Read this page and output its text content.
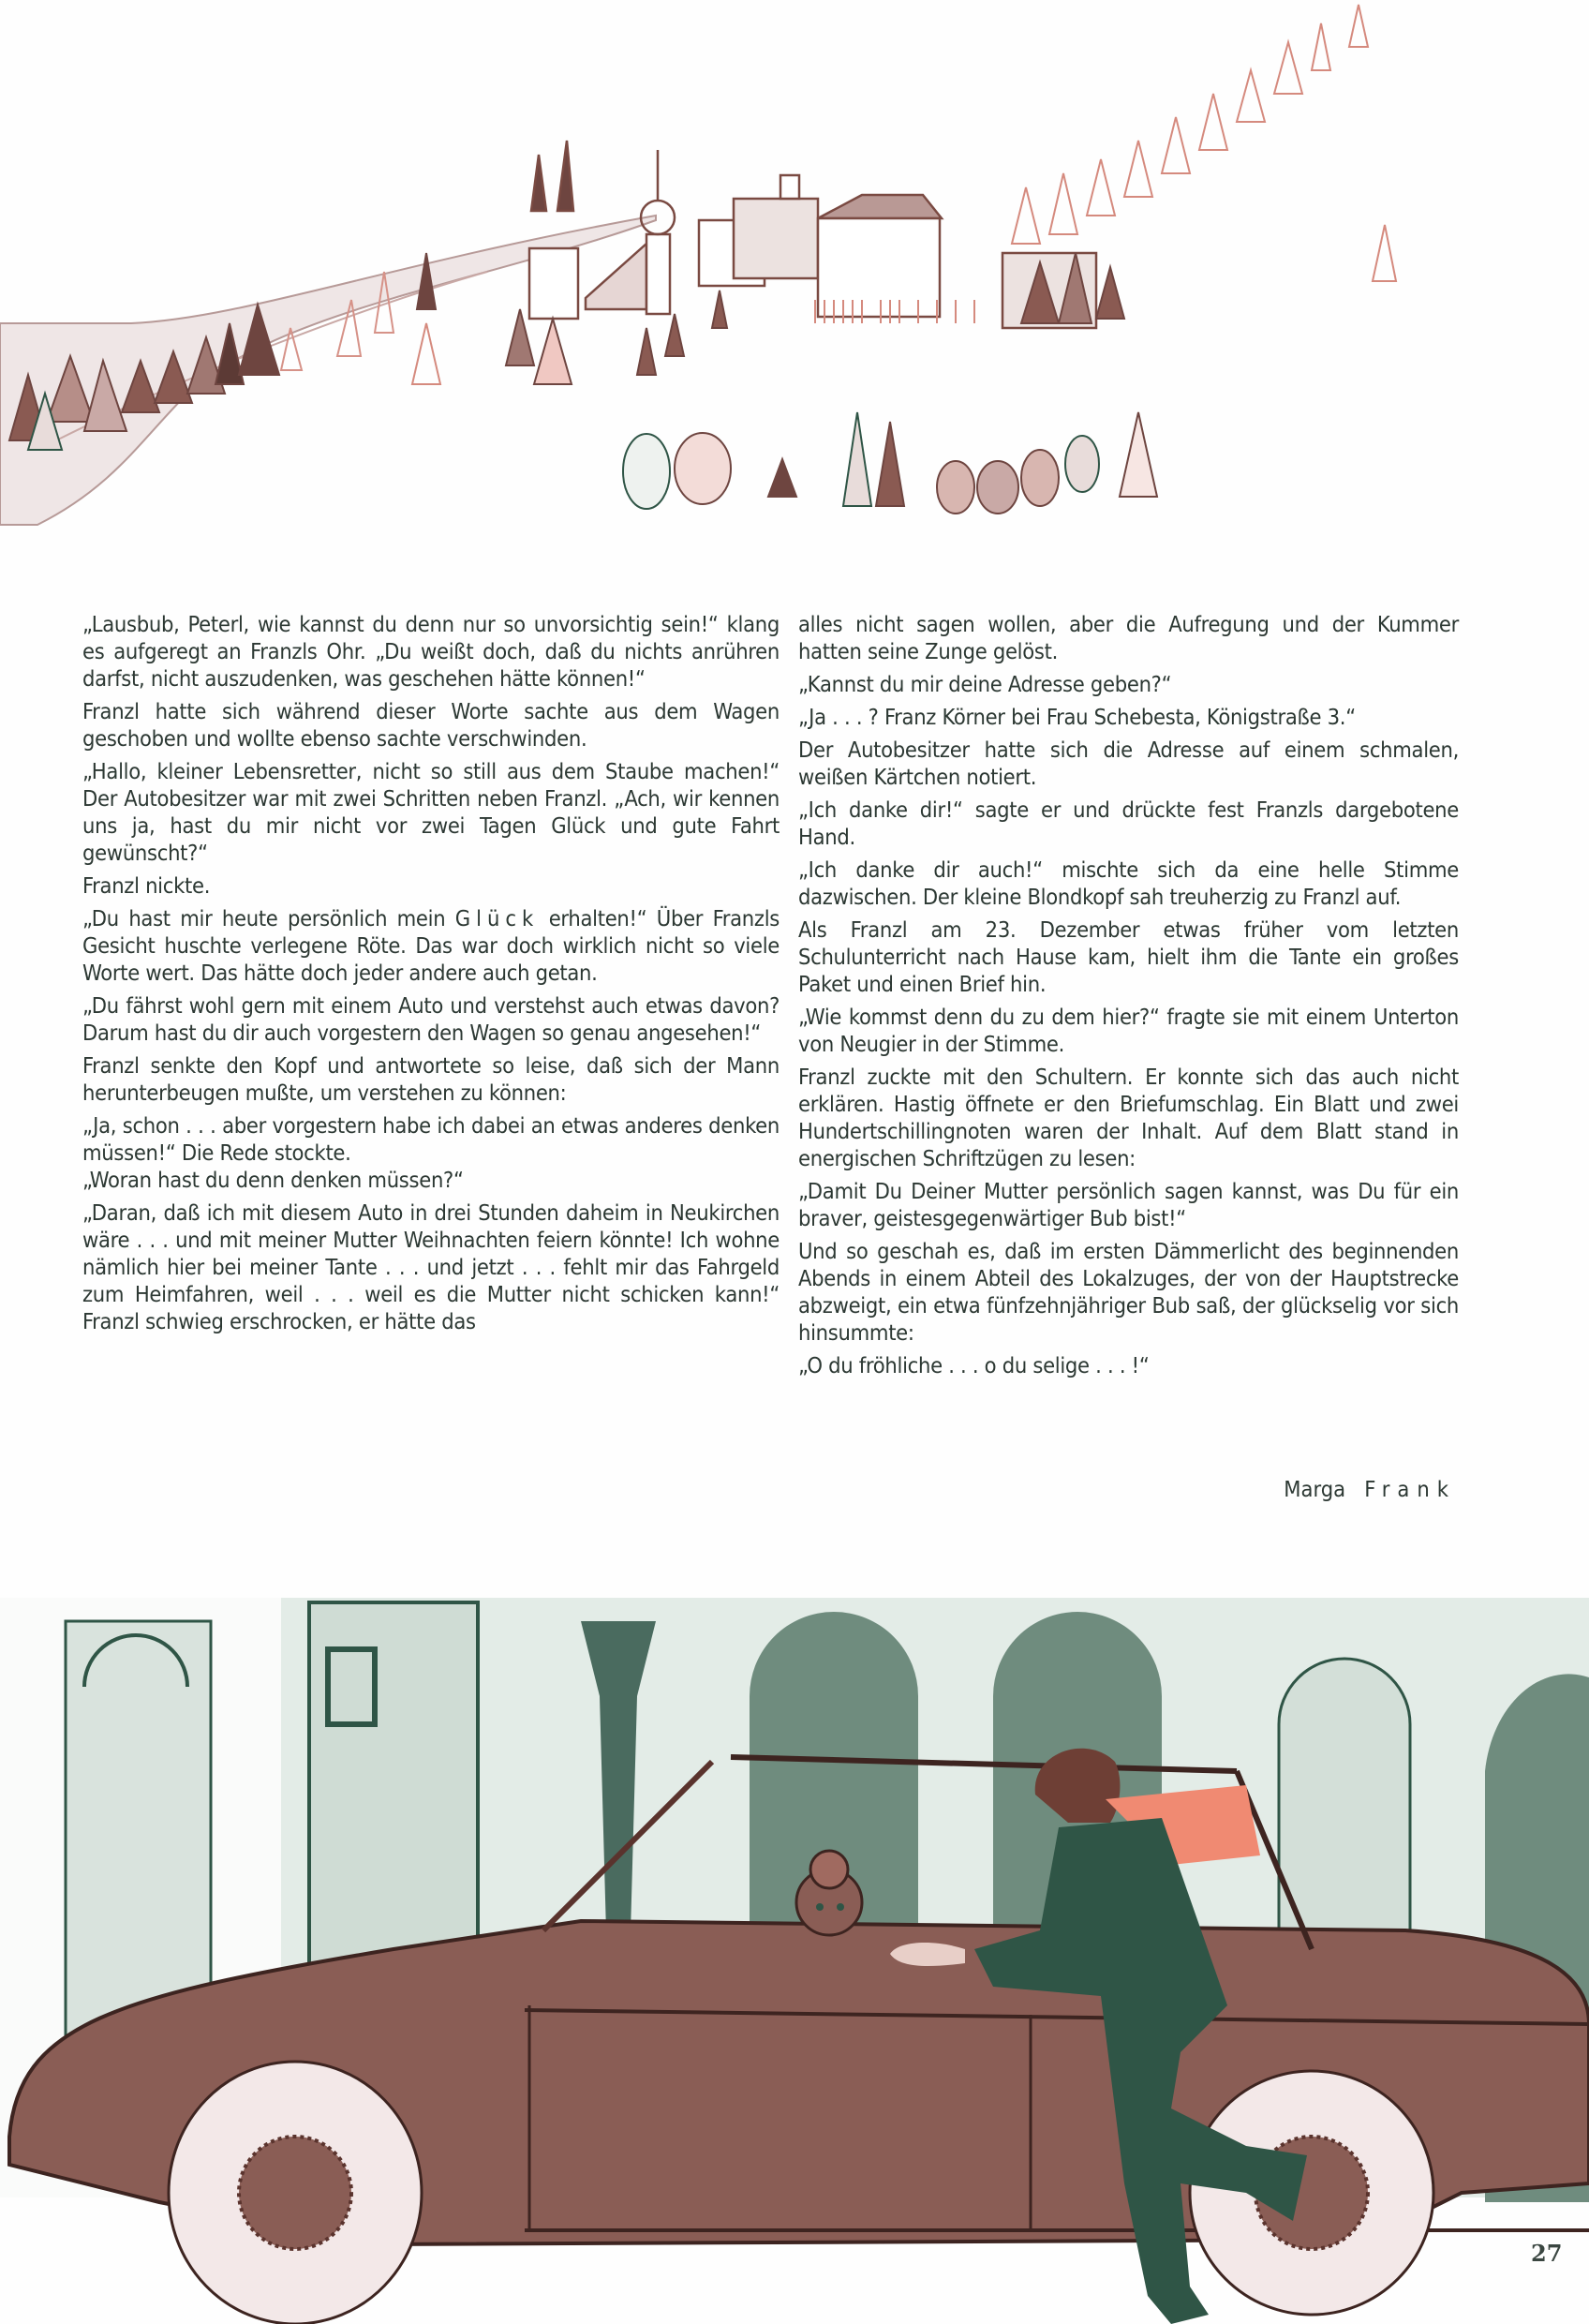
„Lausbub, Peterl, wie kannst du denn nur so unvorsichtig sein!“ klang es aufgeregt an Franzls Ohr. „Du weißt doch, daß du nichts anrühren darfst, nicht auszudenken, was geschehen hätte können!“

Franzl hatte sich während dieser Worte sachte aus dem Wagen geschoben und wollte ebenso sachte verschwinden.

„Hallo, kleiner Lebensretter, nicht so still aus dem Staube machen!“ Der Autobesitzer war mit zwei Schritten neben Franzl. „Ach, wir kennen uns ja, hast du mir nicht vor zwei Tagen Glück und gute Fahrt gewünscht?“

Franzl nickte.

„Du hast mir heute persönlich mein Glück erhalten!“ Über Franzls Gesicht huschte verlegene Röte. Das war doch wirklich nicht so viele Worte wert. Das hätte doch jeder andere auch getan.

„Du fährst wohl gern mit einem Auto und verstehst auch etwas davon? Darum hast du dir auch vorgestern den Wagen so genau angesehen!“

Franzl senkte den Kopf und antwortete so leise, daß sich der Mann herunterbeugen mußte, um verstehen zu können:

„Ja, schon . . . aber vorgestern habe ich dabei an etwas anderes denken müssen!“ Die Rede stockte.

„Woran hast du denn denken müssen?“

„Daran, daß ich mit diesem Auto in drei Stunden daheim in Neukirchen wäre . . . und mit meiner Mutter Weihnachten feiern könnte! Ich wohne nämlich hier bei meiner Tante . . . und jetzt . . . fehlt mir das Fahrgeld zum Heimfahren, weil . . . weil es die Mutter nicht schicken kann!“ Franzl schwieg erschrocken, er hätte das

alles nicht sagen wollen, aber die Aufregung und der Kummer hatten seine Zunge gelöst.

„Kannst du mir deine Adresse geben?“

„Ja . . . ? Franz Körner bei Frau Schebesta, Königstraße 3.“

Der Autobesitzer hatte sich die Adresse auf einem schmalen, weißen Kärtchen notiert.

„Ich danke dir!“ sagte er und drückte fest Franzls dargebotene Hand.

„Ich danke dir auch!“ mischte sich da eine helle Stimme dazwischen. Der kleine Blondkopf sah treuherzig zu Franzl auf.

Als Franzl am 23. Dezember etwas früher vom letzten Schulunterricht nach Hause kam, hielt ihm die Tante ein großes Paket und einen Brief hin.

„Wie kommst denn du zu dem hier?“ fragte sie mit einem Unterton von Neugier in der Stimme.

Franzl zuckte mit den Schultern. Er konnte sich das auch nicht erklären. Hastig öffnete er den Briefumschlag. Ein Blatt und zwei Hundertschillingnoten waren der Inhalt. Auf dem Blatt stand in energischen Schriftzügen zu lesen:

„Damit Du Deiner Mutter persönlich sagen kannst, was Du für ein braver, geistesgegenwärtiger Bub bist!“

Und so geschah es, daß im ersten Dämmerlicht des beginnenden Abends in einem Abteil des Lokalzuges, der von der Hauptstrecke abzweigt, ein etwa fünfzehnjähriger Bub saß, der glückselig vor sich hinsummte:

„O du fröhliche . . . o du selige . . . !“

Marga Frank
27
